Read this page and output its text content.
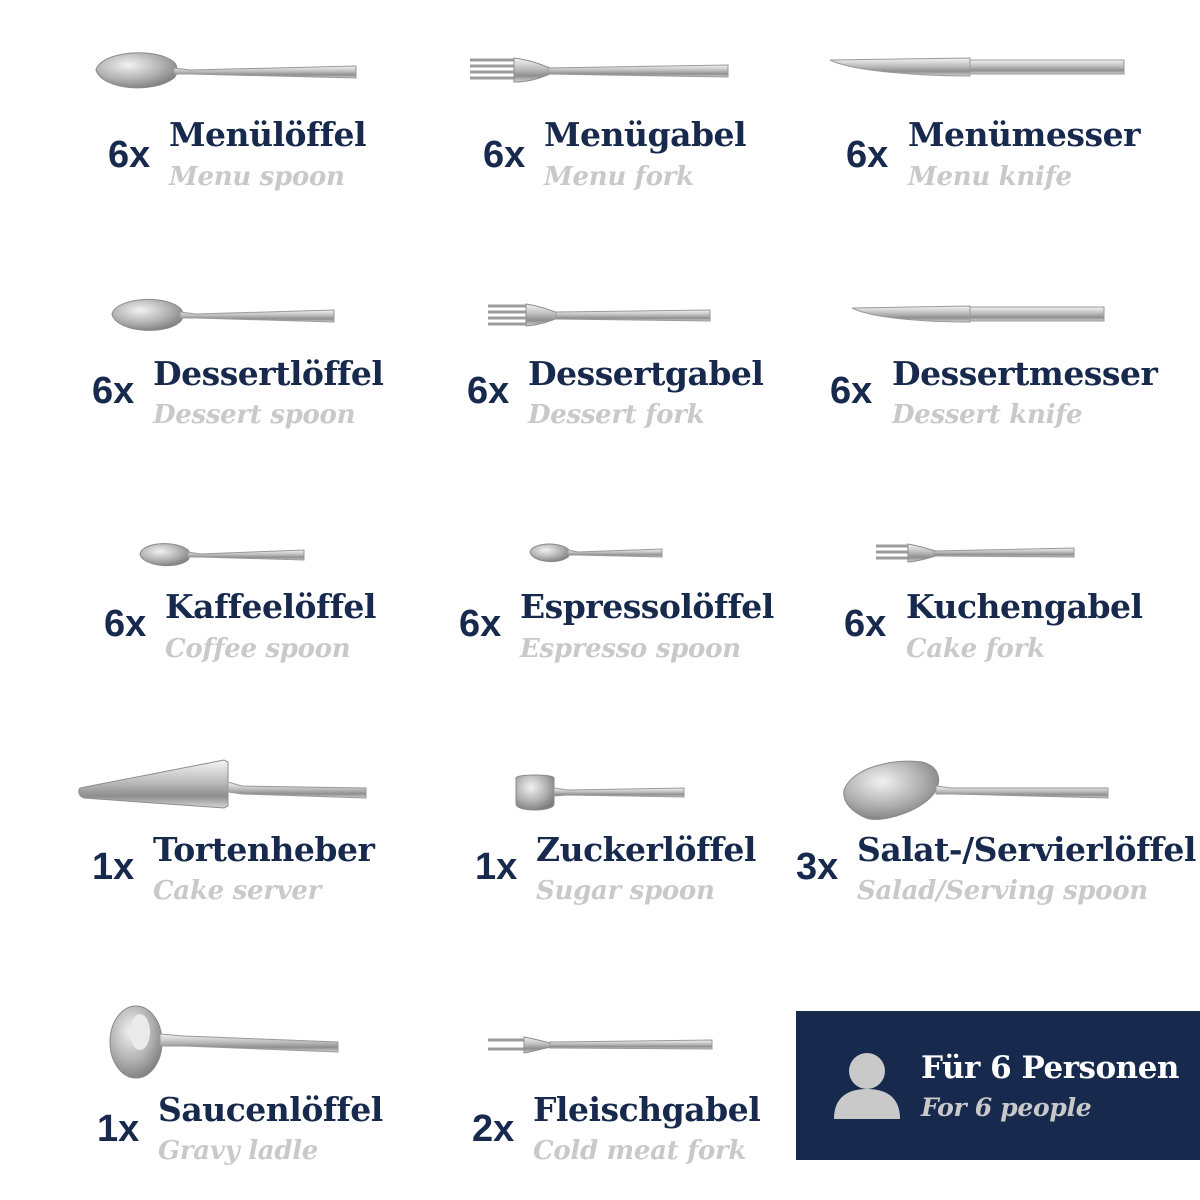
6x Menülöffel
Menu spoon
6x Menügabel
Menu fork
6x Menümesser
Menu knife
6x Dessertlöffel
Dessert spoon
6x Dessertgabel
Dessert fork
6x Dessertmesser
Dessert knife
6x Kaffeelöffel
Coffee spoon
6x Espressolöffel
Espresso spoon
6x Kuchengabel
Cake fork
1x Tortenheber
Cake server
1x Zuckerlöffel
Sugar spoon
3x Salat-/Servierlöffel
Salad/Serving spoon
1x Saucenlöffel
Gravy ladle
2x Fleischgabel
Cold meat fork
Für 6 Personen
For 6 people
